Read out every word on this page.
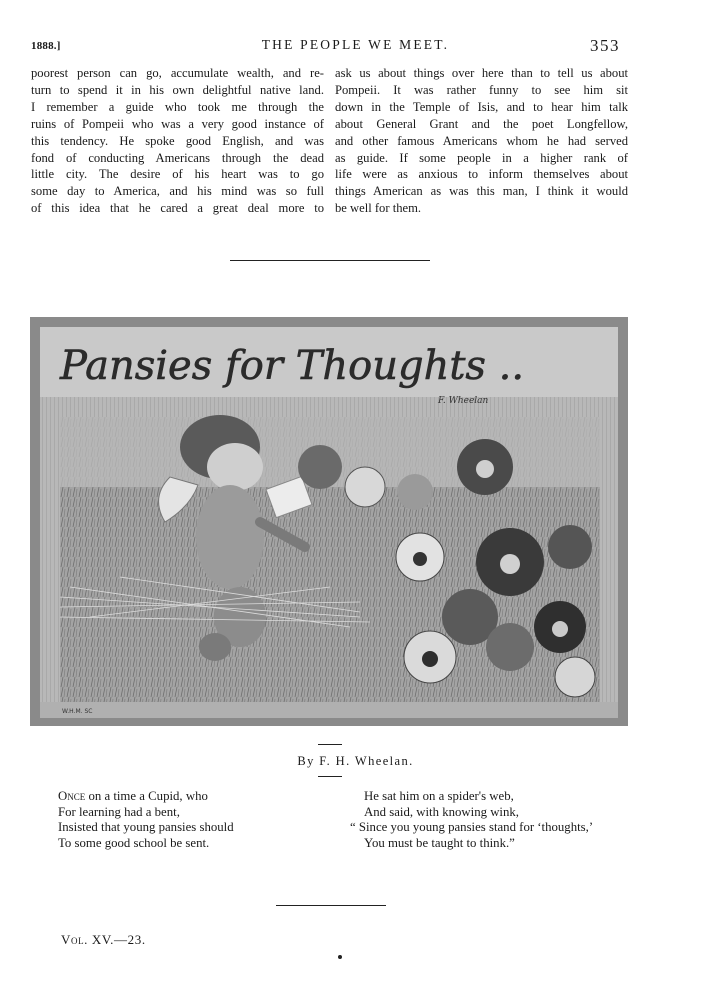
1888.]	THE PEOPLE WE MEET.	353
poorest person can go, accumulate wealth, and re-
turn to spend it in his own delightful native land.
I remember a guide who took me through the
ruins of Pompeii who was a very good instance of
this tendency. He spoke good English, and was
fond of conducting Americans through the dead
little city. The desire of his heart was to go
some day to America, and his mind was so full
of this idea that he cared a great deal more to
ask us about things over here than to tell us about
Pompeii. It was rather funny to see him sit
down in the Temple of Isis, and to hear him talk
about General Grant and the poet Longfellow,
and other famous Americans whom he had served
as guide. If some people in a higher rank of
life were as anxious to inform themselves about
things American as was this man, I think it would
be well for them.
Pansies for Thoughts ..
F. Wheelan
W.H.M. SC
By F. H. Wheelan.
Once on a time a Cupid, who
For learning had a bent,
Insisted that young pansies should
To some good school be sent.
He sat him on a spider's web,
And said, with knowing wink,
“ Since you young pansies stand for ‘thoughts,’
You must be taught to think.”
Vol. XV.—23.
